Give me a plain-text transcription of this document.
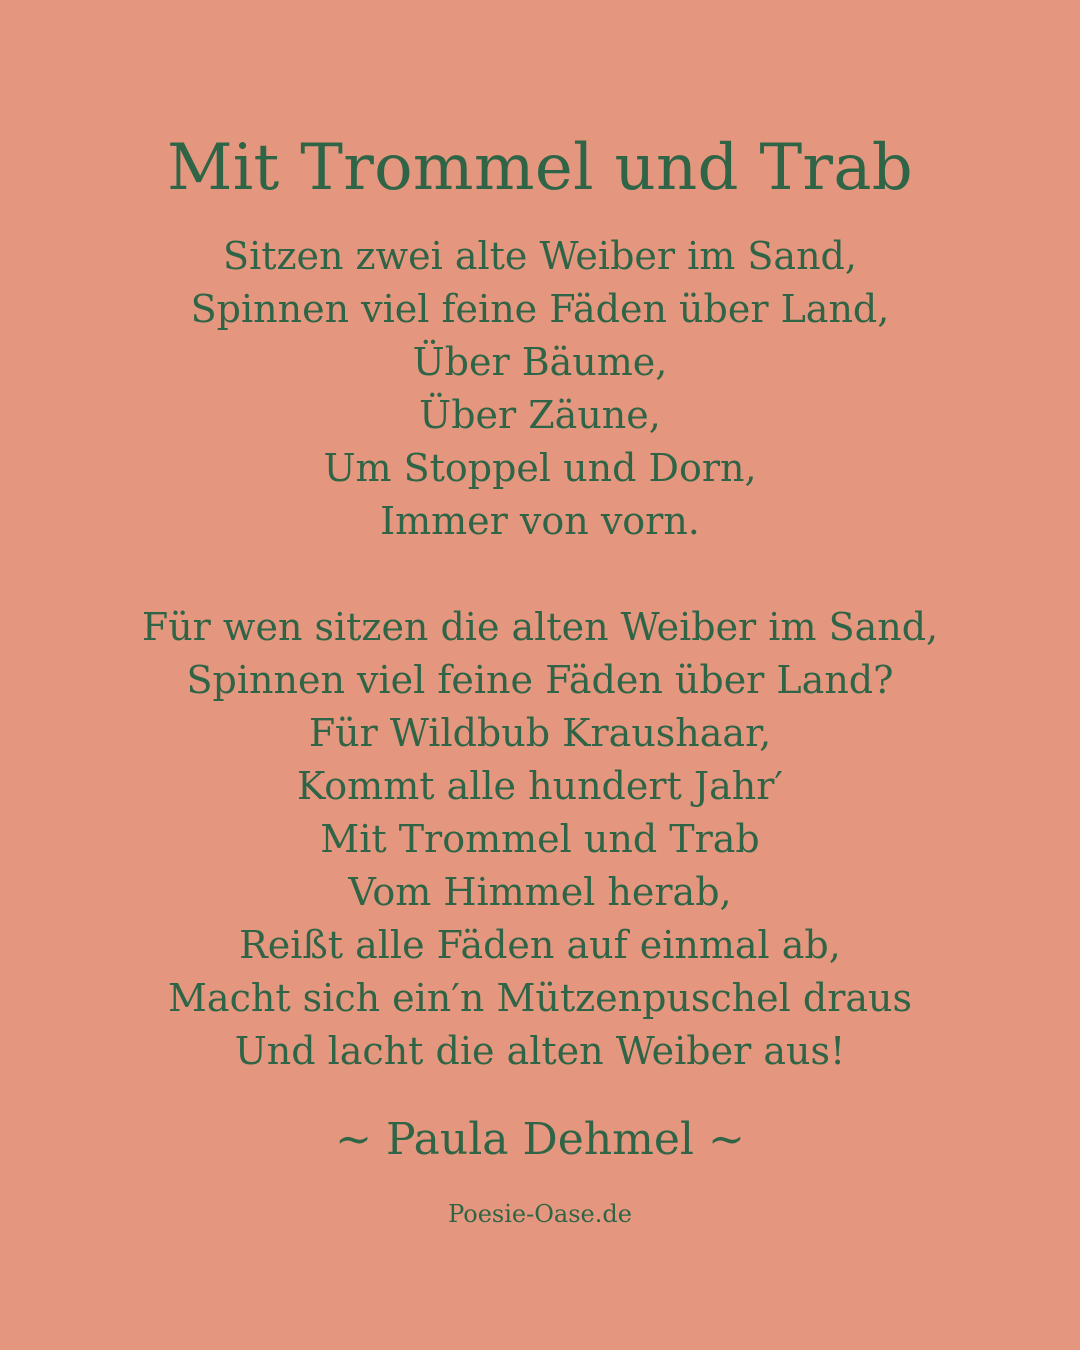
Mit Trommel und Trab
Sitzen zwei alte Weiber im Sand,
Spinnen viel feine Fäden über Land,
Über Bäume,
Über Zäune,
Um Stoppel und Dorn,
Immer von vorn.
Für wen sitzen die alten Weiber im Sand,
Spinnen viel feine Fäden über Land?
Für Wildbub Kraushaar,
Kommt alle hundert Jahr′
Mit Trommel und Trab
Vom Himmel herab,
Reißt alle Fäden auf einmal ab,
Macht sich ein′n Mützenpuschel draus
Und lacht die alten Weiber aus!
~ Paula Dehmel ~
Poesie-Oase.de
